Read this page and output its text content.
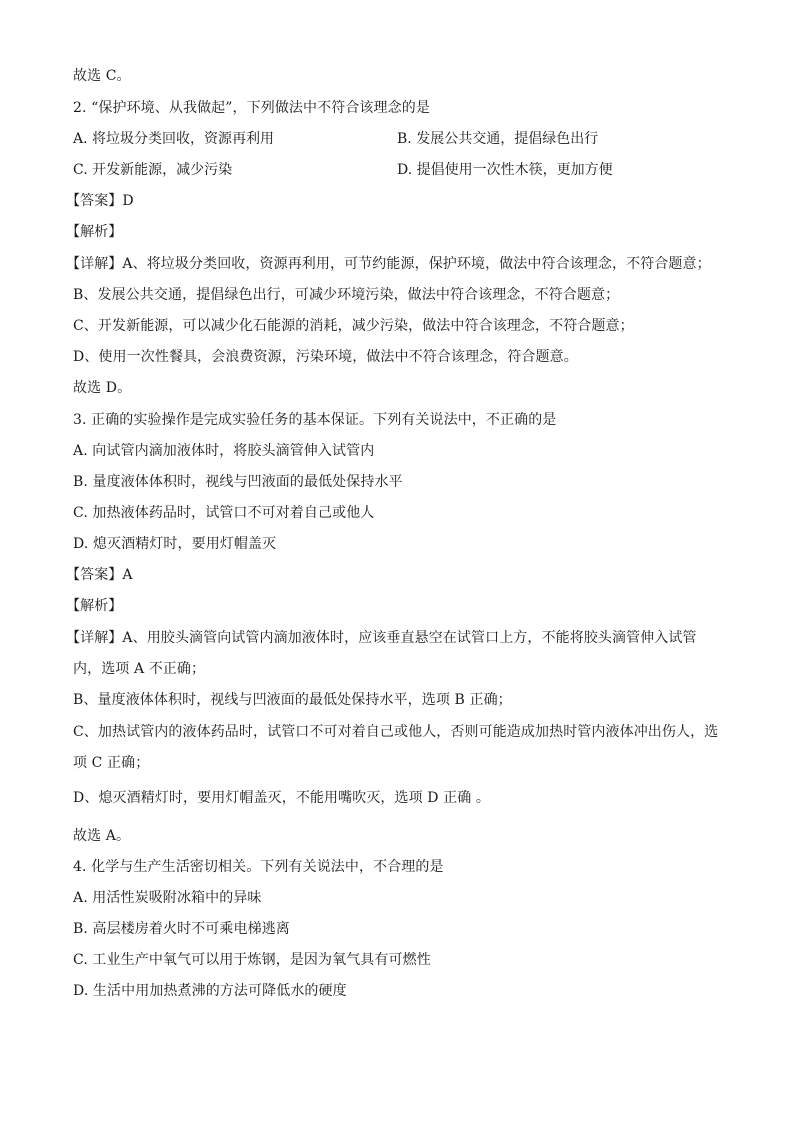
故选 C。
2. “保护环境、从我做起”，下列做法中不符合该理念的是
A. 将垃圾分类回收，资源再利用	B. 发展公共交通，提倡绿色出行
C. 开发新能源，减少污染	D. 提倡使用一次性木筷，更加方便
【答案】D
【解析】
【详解】A、将垃圾分类回收，资源再利用，可节约能源，保护环境，做法中符合该理念，不符合题意；
B、发展公共交通，提倡绿色出行，可减少环境污染，做法中符合该理念，不符合题意；
C、开发新能源，可以减少化石能源的消耗，减少污染，做法中符合该理念，不符合题意；
D、使用一次性餐具，会浪费资源，污染环境，做法中不符合该理念，符合题意。
故选 D。
3. 正确的实验操作是完成实验任务的基本保证。下列有关说法中，不正确的是
A. 向试管内滴加液体时，将胶头滴管伸入试管内
B. 量度液体体积时，视线与凹液面的最低处保持水平
C. 加热液体药品时，试管口不可对着自己或他人
D. 熄灭酒精灯时，要用灯帽盖灭
【答案】A
【解析】
【详解】A、用胶头滴管向试管内滴加液体时，应该垂直悬空在试管口上方，不能将胶头滴管伸入试管
内，选项 A 不正确；
B、量度液体体积时，视线与凹液面的最低处保持水平，选项 B 正确；
C、加热试管内的液体药品时，试管口不可对着自己或他人，否则可能造成加热时管内液体冲出伤人，选
项 C 正确；
D、熄灭酒精灯时，要用灯帽盖灭，不能用嘴吹灭，选项 D 正确 。
故选 A。
4. 化学与生产生活密切相关。下列有关说法中，不合理的是
A. 用活性炭吸附冰箱中的异味
B. 高层楼房着火时不可乘电梯逃离
C. 工业生产中氧气可以用于炼钢，是因为氧气具有可燃性
D. 生活中用加热煮沸的方法可降低水的硬度
